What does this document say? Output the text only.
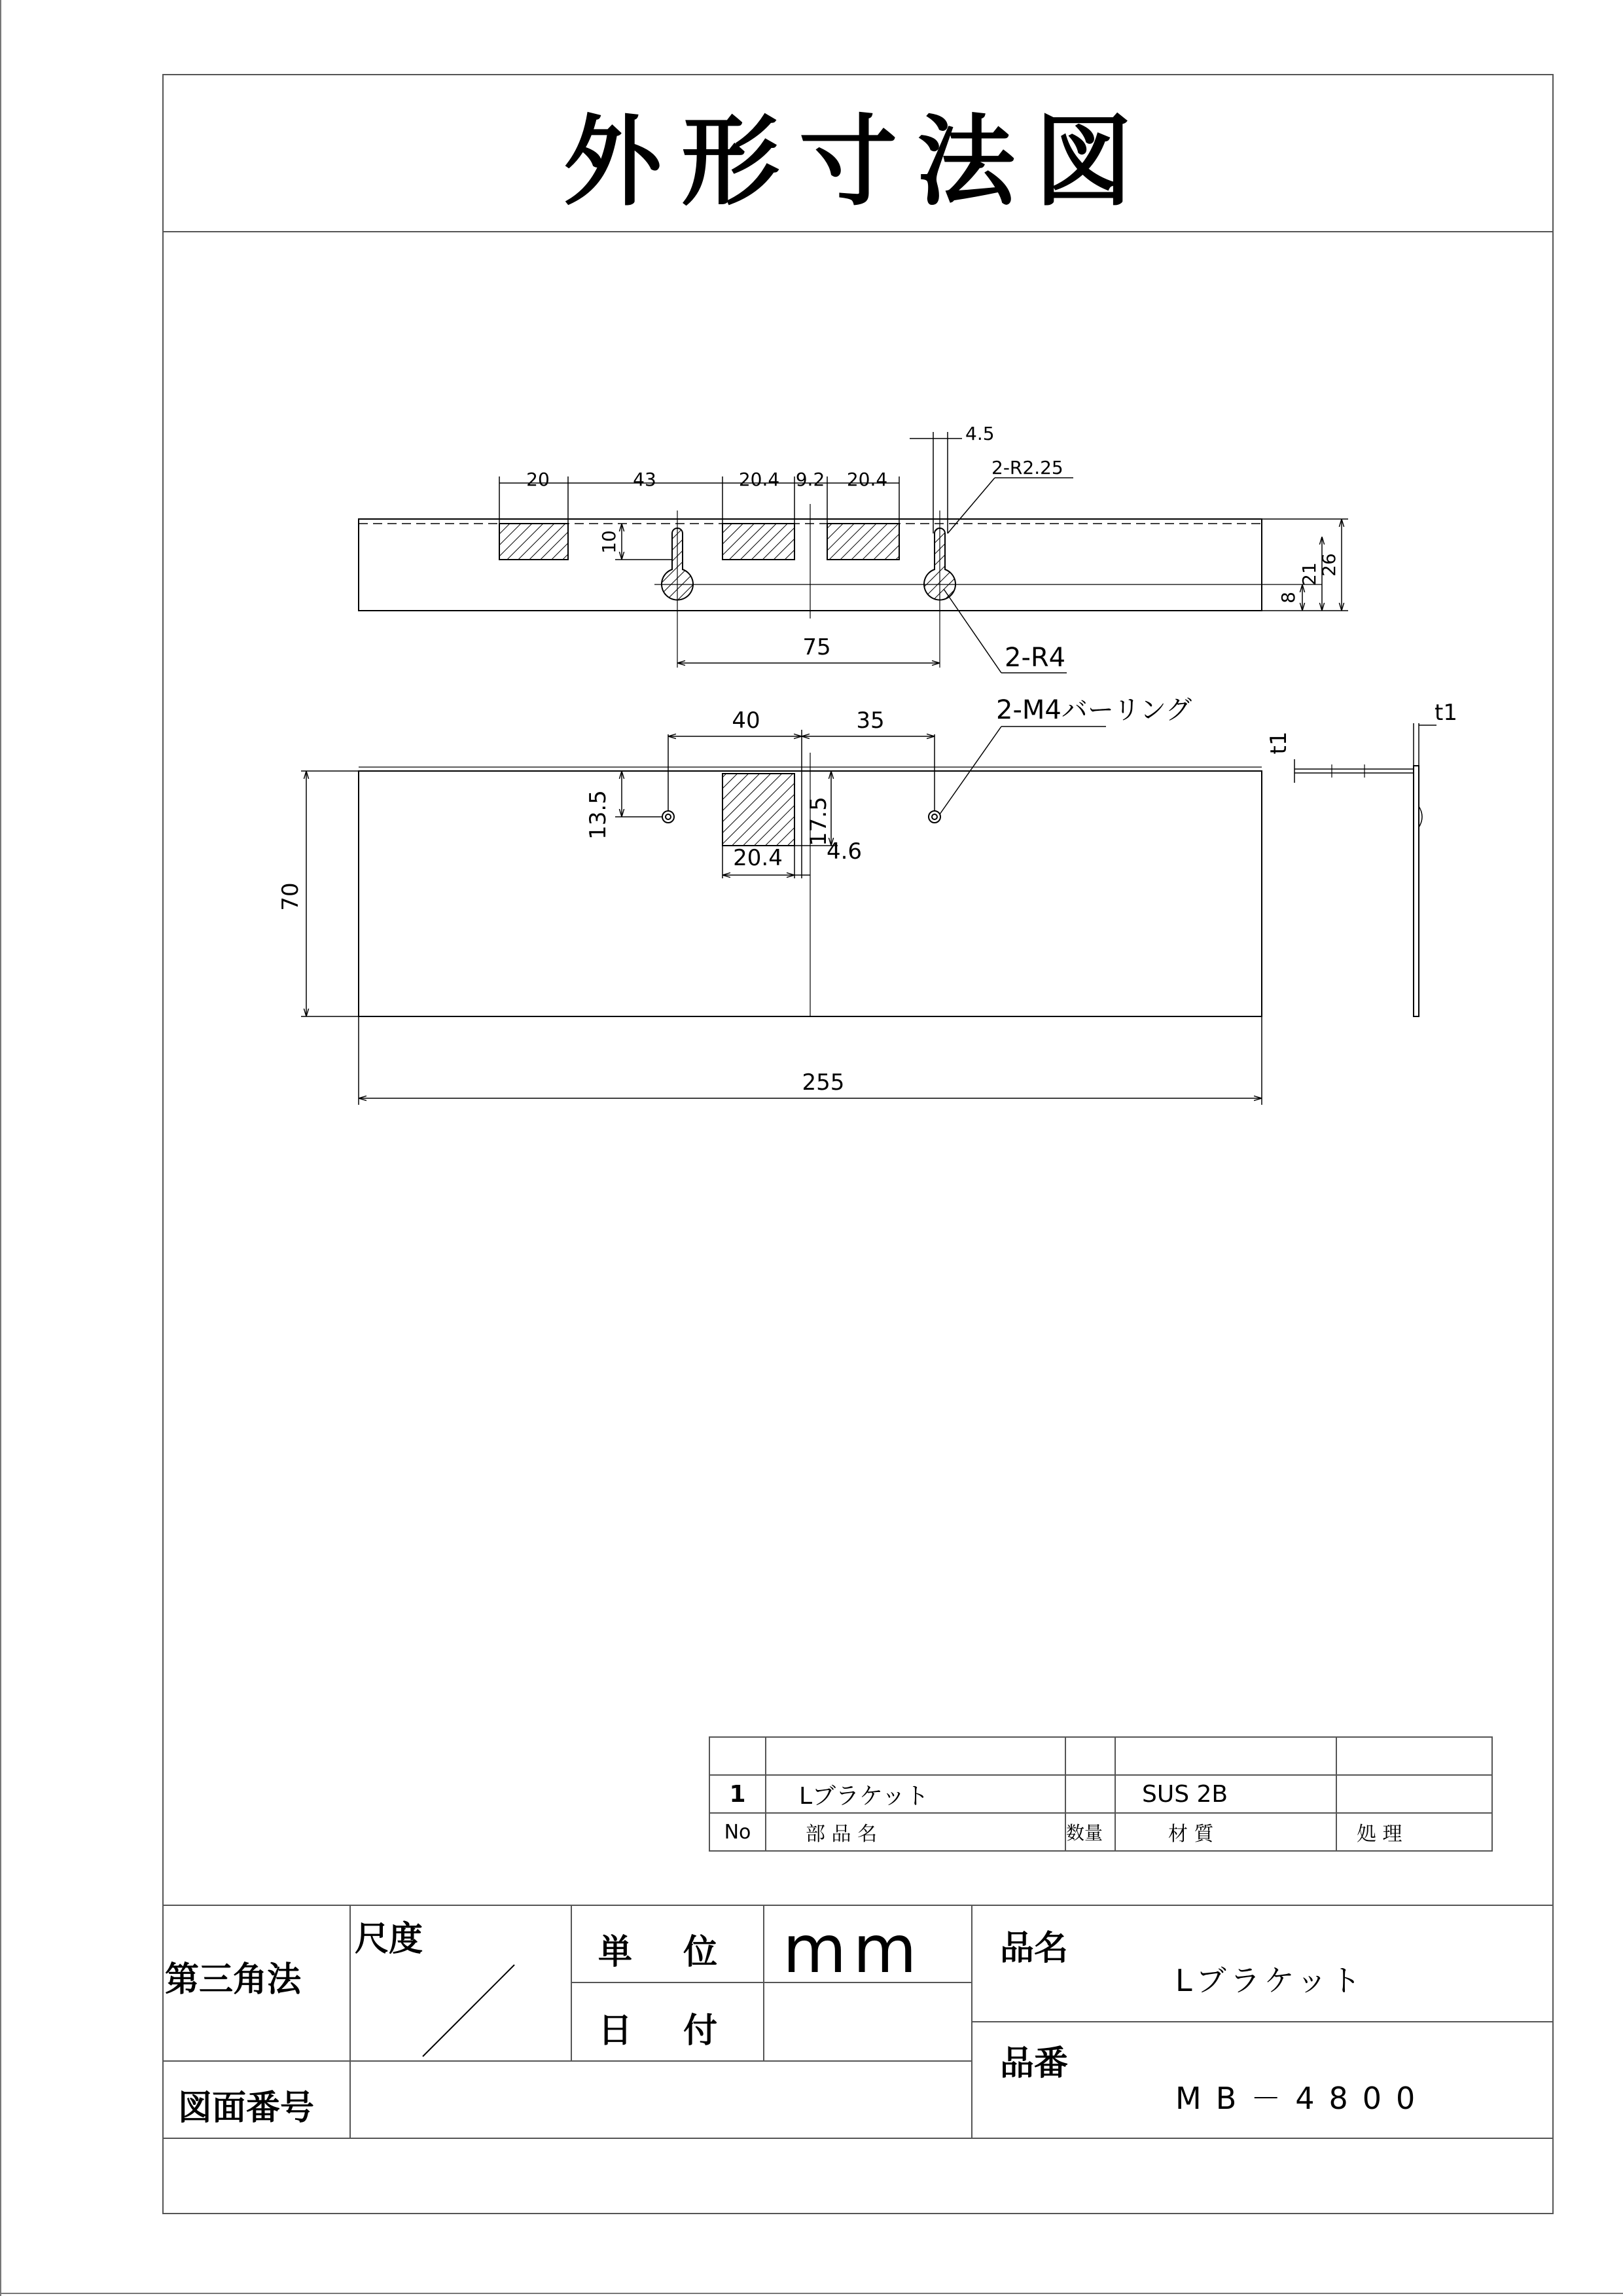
外形寸法図
20	43	20.4 9.2 20.4
4.5
2-R2.25
10
75	2-R4
8
21
26
40	35	2-M4バーリング
13.5	17.5
20.4 4.6
70
255
t1
t1

1	Lブラケット		SUS 2B	
No	部 品 名	数量	材 質	処 理
第三角法
尺度	単 位 mm
日 付
品名
Lブラケット
品番
MB－4800
図面番号
